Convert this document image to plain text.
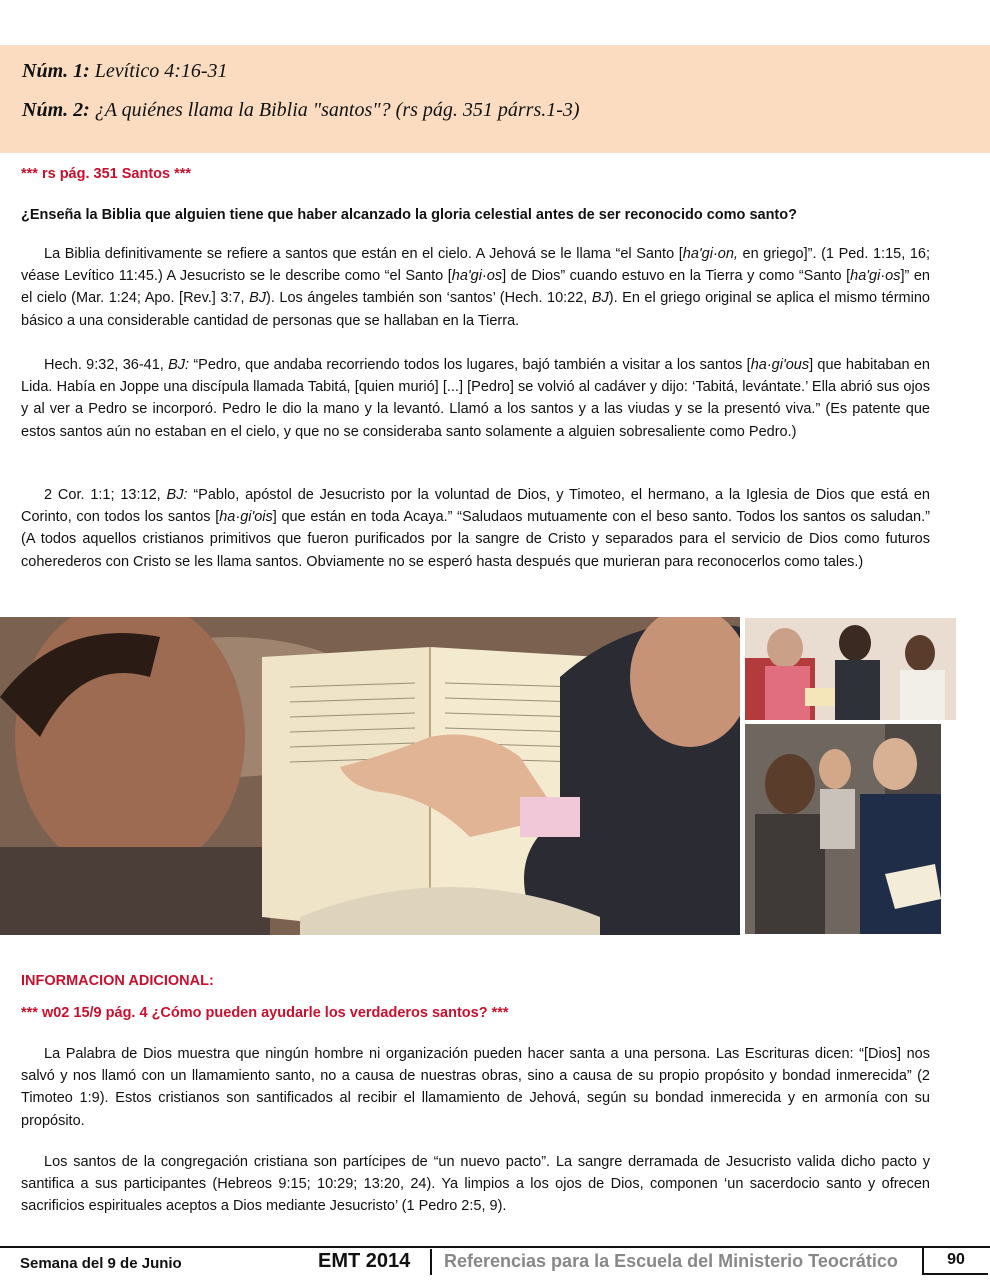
Núm. 1: Levítico 4:16-31
Núm. 2: ¿A quiénes llama la Biblia "santos"? (rs pág. 351 párrs.1-3)
*** rs pág. 351 Santos ***
¿Enseña la Biblia que alguien tiene que haber alcanzado la gloria celestial antes de ser reconocido como santo?

La Biblia definitivamente se refiere a santos que están en el cielo. A Jehová se le llama “el Santo [ha'gi·on, en griego]”. (1 Ped. 1:15, 16; véase Levítico 11:45.) A Jesucristo se le describe como “el Santo [ha'gi·os] de Dios” cuando estuvo en la Tierra y como “Santo [ha'gi·os]” en el cielo (Mar. 1:24; Apo. [Rev.] 3:7, BJ). Los ángeles también son ‘santos’ (Hech. 10:22, BJ). En el griego original se aplica el mismo término básico a una considerable cantidad de personas que se hallaban en la Tierra.

Hech. 9:32, 36-41, BJ: “Pedro, que andaba recorriendo todos los lugares, bajó también a visitar a los santos [ha·gi'ous] que habitaban en Lida. Había en Joppe una discípula llamada Tabitá, [quien murió] [...] [Pedro] se volvió al cadáver y dijo: ‘Tabitá, levántate.’ Ella abrió sus ojos y al ver a Pedro se incorporó. Pedro le dio la mano y la levantó. Llamó a los santos y a las viudas y se la presentó viva.” (Es patente que estos santos aún no estaban en el cielo, y que no se consideraba santo solamente a alguien sobresaliente como Pedro.)

2 Cor. 1:1; 13:12, BJ: “Pablo, apóstol de Jesucristo por la voluntad de Dios, y Timoteo, el hermano, a la Iglesia de Dios que está en Corinto, con todos los santos [ha·gi'ois] que están en toda Acaya.” “Saludaos mutuamente con el beso santo. Todos los santos os saludan.” (A todos aquellos cristianos primitivos que fueron purificados por la sangre de Cristo y separados para el servicio de Dios como futuros coherederos con Cristo se les llama santos. Obviamente no se esperó hasta después que murieran para reconocerlos como tales.)

INFORMACION ADICIONAL:
*** w02 15/9 pág. 4 ¿Cómo pueden ayudarle los verdaderos santos? ***

La Palabra de Dios muestra que ningún hombre ni organización pueden hacer santa a una persona. Las Escrituras dicen: “[Dios] nos salvó y nos llamó con un llamamiento santo, no a causa de nuestras obras, sino a causa de su propio propósito y bondad inmerecida” (2 Timoteo 1:9). Estos cristianos son santificados al recibir el llamamiento de Jehová, según su bondad inmerecida y en armonía con su propósito.

Los santos de la congregación cristiana son partícipes de “un nuevo pacto”. La sangre derramada de Jesucristo valida dicho pacto y santifica a sus participantes (Hebreos 9:15; 10:29; 13:20, 24). Ya limpios a los ojos de Dios, componen ‘un sacerdocio santo y ofrecen sacrificios espirituales aceptos a Dios mediante Jesucristo’ (1 Pedro 2:5, 9).

Semana del 9 de Junio	EMT 2014 Referencias para la Escuela del Ministerio Teocrático	90
